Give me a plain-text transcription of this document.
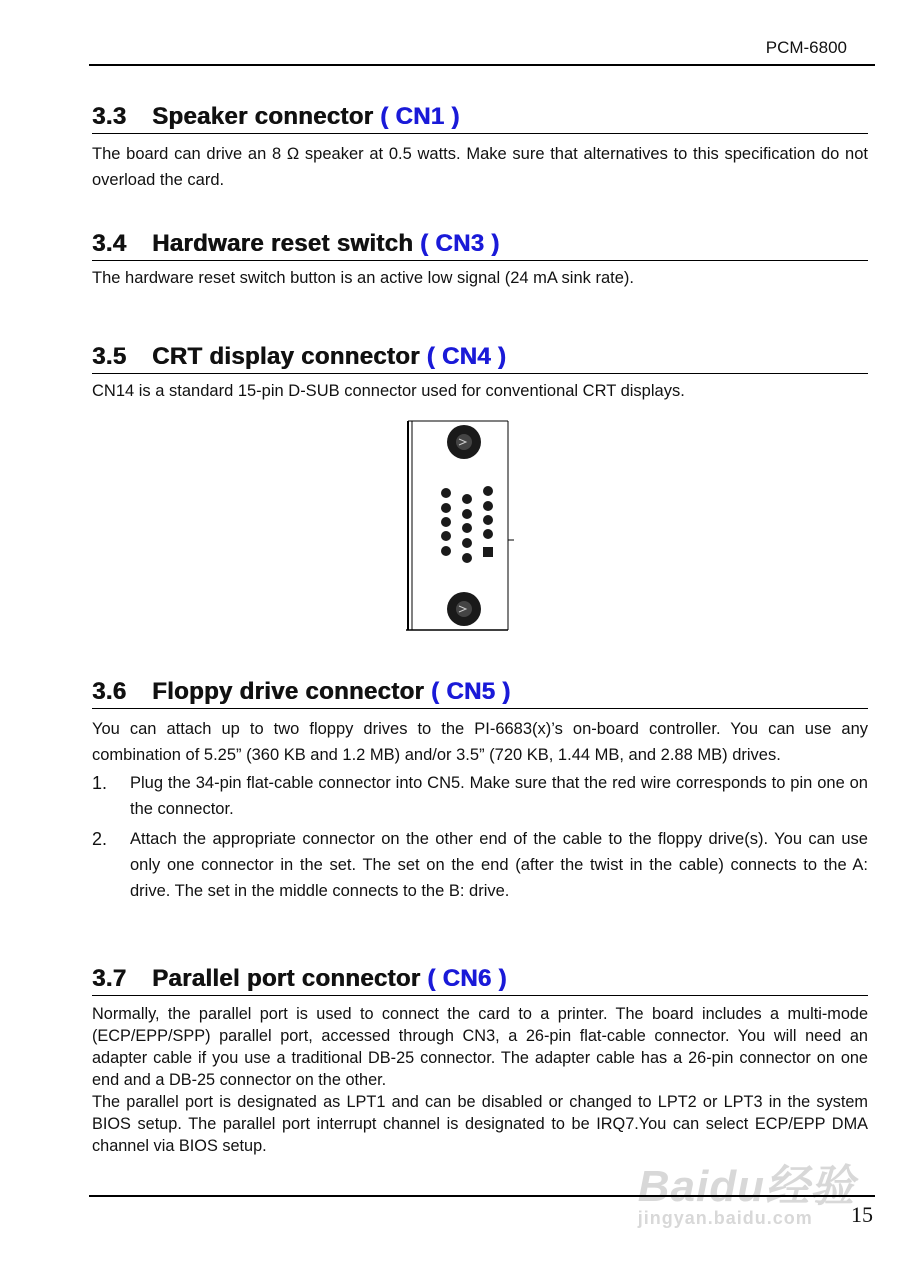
PCM-6800
3.3 Speaker connector ( CN1 )

The board can drive an 8 Ω speaker at 0.5 watts. Make sure that alternatives to this specification do not overload the card.

3.4 Hardware reset switch ( CN3 )

The hardware reset switch button is an active low signal (24 mA sink rate).

3.5 CRT display connector ( CN4 )

CN14 is a standard 15-pin D-SUB connector used for conventional CRT displays.

3.6 Floppy drive connector ( CN5 )

You can attach up to two floppy drives to the PI-6683(x)’s on-board controller. You can use any combination of 5.25” (360 KB and 1.2 MB) and/or 3.5” (720 KB, 1.44 MB, and 2.88 MB) drives.

1. Plug the 34-pin flat-cable connector into CN5. Make sure that the red wire corresponds to pin one on the connector.
2. Attach the appropriate connector on the other end of the cable to the floppy drive(s). You can use only one connector in the set. The set on the end (after the twist in the cable) connects to the A: drive. The set in the middle connects to the B: drive.
3.7 Parallel port connector ( CN6 )

Normally, the parallel port is used to connect the card to a printer. The board includes a multi-mode (ECP/EPP/SPP) parallel port, accessed through CN3, a 26-pin flat-cable connector. You will need an adapter cable if you use a traditional DB-25 connector. The adapter cable has a 26-pin connector on one end and a DB-25 connector on the other.

The parallel port is designated as LPT1 and can be disabled or changed to LPT2 or LPT3 in the system BIOS setup. The parallel port interrupt channel is designated to be IRQ7.You can select ECP/EPP DMA channel via BIOS setup.

Baidu经验
jingyan.baidu.com	15
